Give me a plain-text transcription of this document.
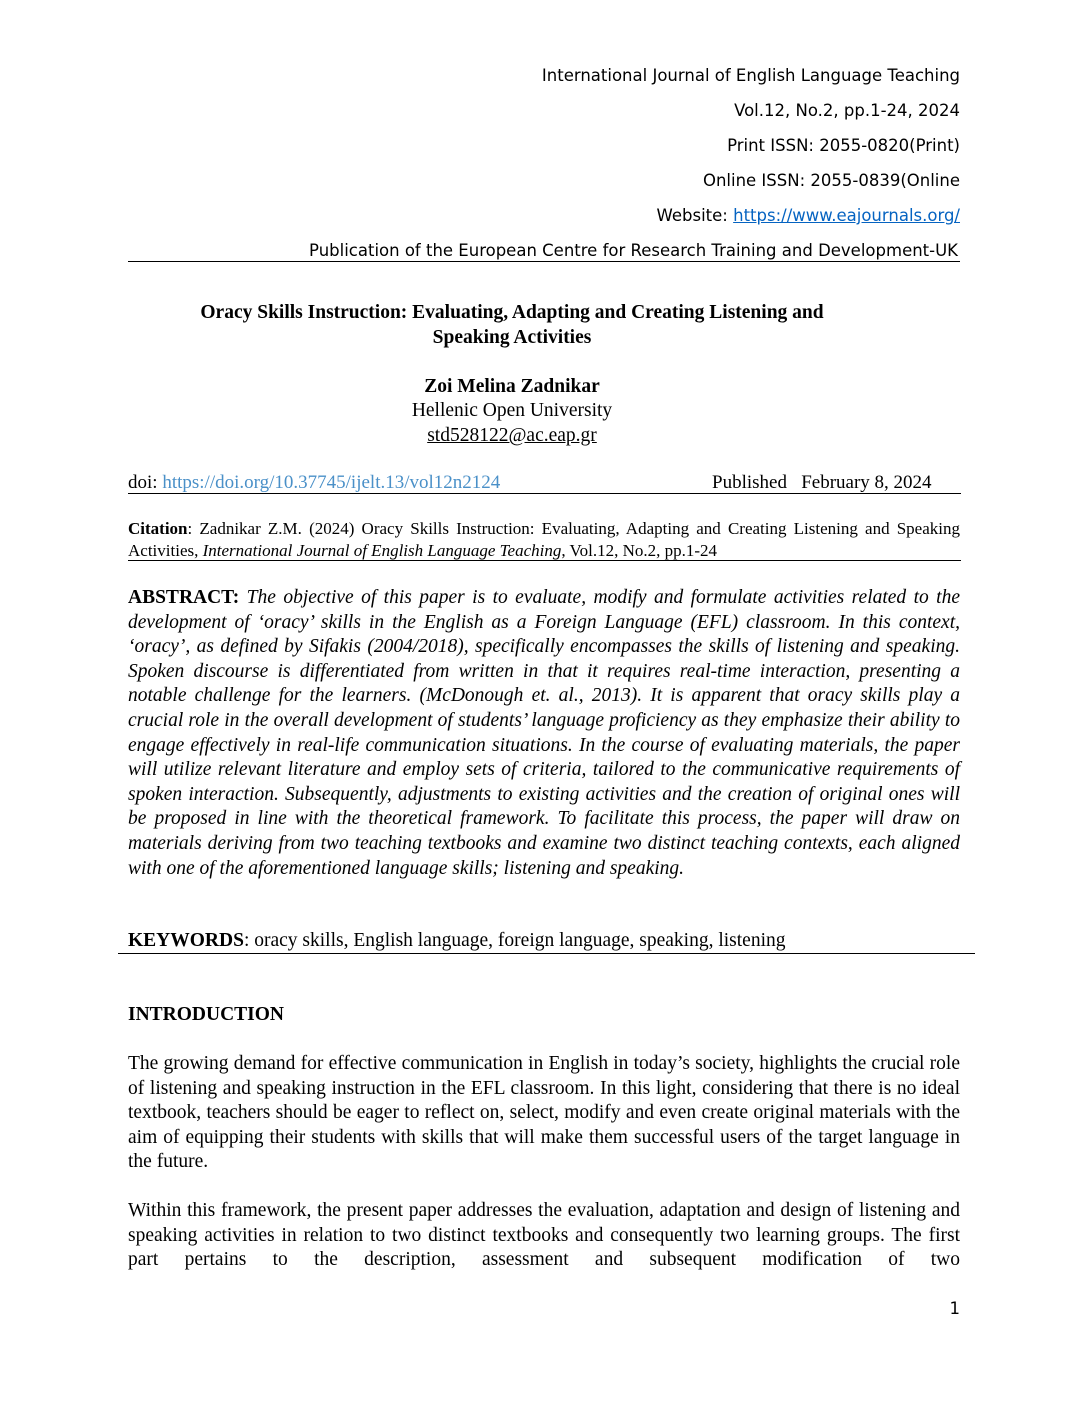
International Journal of English Language Teaching
Vol.12, No.2, pp.1-24, 2024
Print ISSN: 2055-0820(Print)
Online ISSN: 2055-0839(Online
Website: https://www.eajournals.org/
Publication of the European Centre for Research Training and Development-UK
Oracy Skills Instruction: Evaluating, Adapting and Creating Listening and
Speaking Activities
Zoi Melina Zadnikar
Hellenic Open University
std528122@ac.eap.gr
doi: https://doi.org/10.37745/ijelt.13/vol12n2124	Published   February 8, 2024
Citation: Zadnikar Z.M. (2024) Oracy Skills Instruction: Evaluating, Adapting and Creating Listening and Speaking Activities, International Journal of English Language Teaching, Vol.12, No.2, pp.1-24
ABSTRACT: The objective of this paper is to evaluate, modify and formulate activities related to the development of ‘oracy’ skills in the English as a Foreign Language (EFL) classroom. In this context, ‘oracy’, as defined by Sifakis (2004/2018), specifically encompasses the skills of listening and speaking. Spoken discourse is differentiated from written in that it requires real-time interaction, presenting a notable challenge for the learners. (McDonough et. al., 2013). It is apparent that oracy skills play a crucial role in the overall development of students’ language proficiency as they emphasize their ability to engage effectively in real-life communication situations. In the course of evaluating materials, the paper will utilize relevant literature and employ sets of criteria, tailored to the communicative requirements of spoken interaction. Subsequently, adjustments to existing activities and the creation of original ones will be proposed in line with the theoretical framework. To facilitate this process, the paper will draw on materials deriving from two teaching textbooks and examine two distinct teaching contexts, each aligned with one of the aforementioned language skills; listening and speaking.
KEYWORDS: oracy skills, English language, foreign language, speaking, listening
INTRODUCTION
The growing demand for effective communication in English in today’s society, highlights the crucial role of listening and speaking instruction in the EFL classroom. In this light, considering that there is no ideal textbook, teachers should be eager to reflect on, select, modify and even create original materials with the aim of equipping their students with skills that will make them successful users of the target language in the future.
Within this framework, the present paper addresses the evaluation, adaptation and design of listening and speaking activities in relation to two distinct textbooks and consequently two learning groups. The first part pertains to the description, assessment and subsequent modification of two
1
